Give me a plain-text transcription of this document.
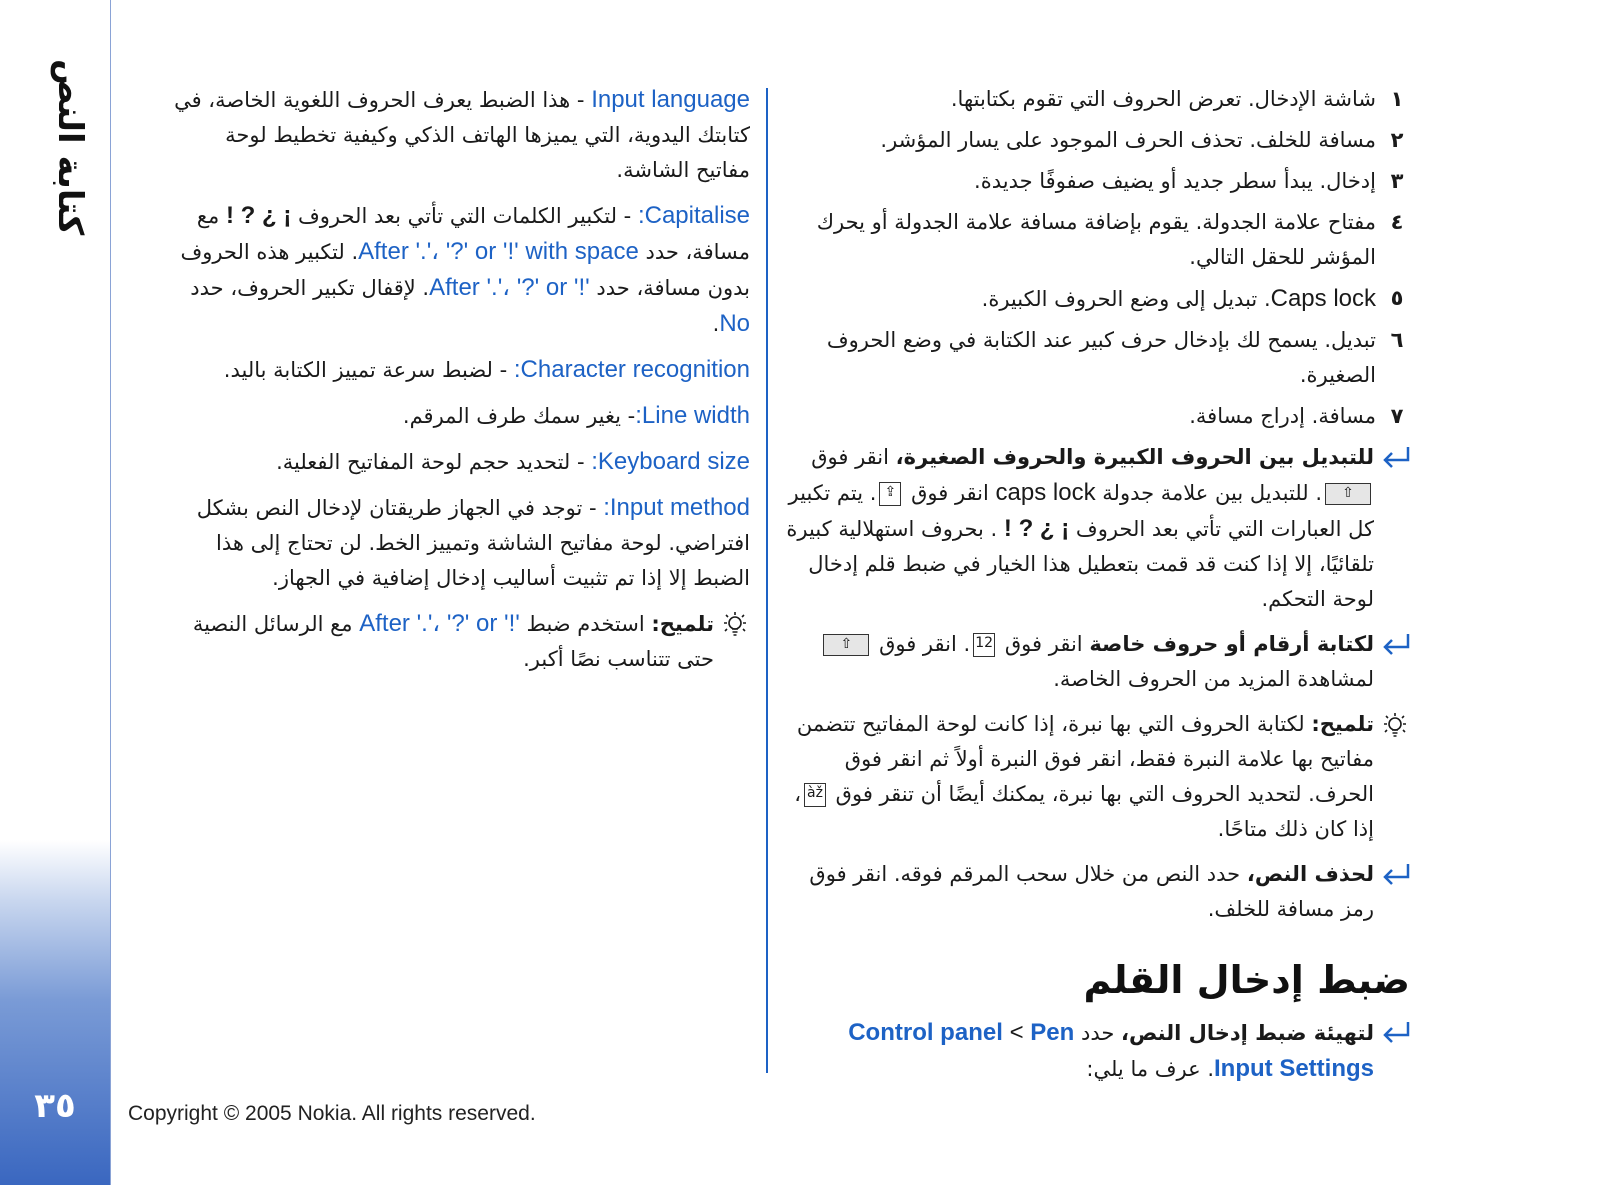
كتابة النص
٣٥	Copyright © 2005 Nokia. All rights reserved.
١
شاشة الإدخال. تعرض الحروف التي تقوم بكتابتها.
٢
مسافة للخلف. تحذف الحرف الموجود على يسار المؤشر.
٣
إدخال. يبدأ سطر جديد أو يضيف صفوفًا جديدة.
٤
مفتاح علامة الجدولة. يقوم بإضافة مسافة علامة الجدولة أو يحرك المؤشر للحقل التالي.
٥
Caps lock. تبديل إلى وضع الحروف الكبيرة.
٦
تبديل. يسمح لك بإدخال حرف كبير عند الكتابة في وضع الحروف الصغيرة.
٧
مسافة. إدراج مسافة.
للتبديل بين الحروف الكبيرة والحروف الصغيرة، انقر فوق ⇧. للتبديل بين علامة جدولة caps lock انقر فوق ⇪. يتم تكبير كل العبارات التي تأتي بعد الحروف ! ? ¿ ¡ . بحروف استهلالية كبيرة تلقائيًا، إلا إذا كنت قد قمت بتعطيل هذا الخيار في ضبط قلم إدخال لوحة التحكم.
لكتابة أرقام أو حروف خاصة انقر فوق 12. انقر فوق ⇧ لمشاهدة المزيد من الحروف الخاصة.
تلميح: لكتابة الحروف التي بها نبرة، إذا كانت لوحة المفاتيح تتضمن مفاتيح بها علامة النبرة فقط، انقر فوق النبرة أولاً ثم انقر فوق الحرف. لتحديد الحروف التي بها نبرة، يمكنك أيضًا أن تنقر فوق àž، إذا كان ذلك متاحًا.
لحذف النص، حدد النص من خلال سحب المرقم فوقه. انقر فوق رمز مسافة للخلف.
ضبط إدخال القلم
لتهيئة ضبط إدخال النص، حدد Control panel < Pen Input Settings. عرف ما يلي:

Input language - هذا الضبط يعرف الحروف اللغوية الخاصة، في كتابتك اليدوية، التي يميزها الهاتف الذكي وكيفية تخطيط لوحة مفاتيح الشاشة.

Capitalise: - لتكبير الكلمات التي تأتي بعد الحروف ! ? ¿ ¡ مع مسافة، حدد After '.'، '?' or '!' with space. لتكبير هذه الحروف بدون مسافة، حدد After '.'، '?' or '!'. لإقفال تكبير الحروف، حدد No.

Character recognition: - لضبط سرعة تمييز الكتابة باليد.

Line width:- يغير سمك طرف المرقم.

Keyboard size: - لتحديد حجم لوحة المفاتيح الفعلية.

Input method: - توجد في الجهاز طريقتان لإدخال النص بشكل افتراضي. لوحة مفاتيح الشاشة وتمييز الخط. لن تحتاج إلى هذا الضبط إلا إذا تم تثبيت أساليب إدخال إضافية في الجهاز.

تلميح: استخدم ضبط After '.'، '?' or '!' مع الرسائل النصية حتى تتناسب نصًا أكبر.
